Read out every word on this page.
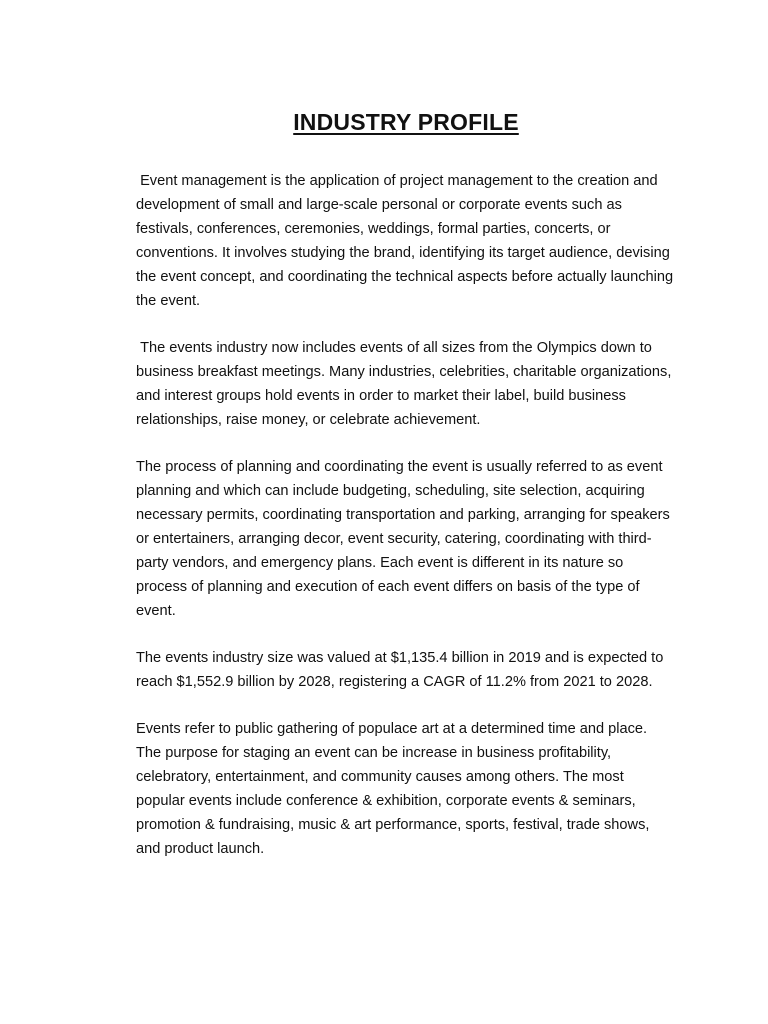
INDUSTRY PROFILE

Event management is the application of project management to the creation and development of small and large-scale personal or corporate events such as festivals, conferences, ceremonies, weddings, formal parties, concerts, or conventions. It involves studying the brand, identifying its target audience, devising the event concept, and coordinating the technical aspects before actually launching the event.

The events industry now includes events of all sizes from the Olympics down to business breakfast meetings. Many industries, celebrities, charitable organizations, and interest groups hold events in order to market their label, build business relationships, raise money, or celebrate achievement.

The process of planning and coordinating the event is usually referred to as event planning and which can include budgeting, scheduling, site selection, acquiring necessary permits, coordinating transportation and parking, arranging for speakers or entertainers, arranging decor, event security, catering, coordinating with third-party vendors, and emergency plans. Each event is different in its nature so process of planning and execution of each event differs on basis of the type of event.

The events industry size was valued at $1,135.4 billion in 2019 and is expected to reach $1,552.9 billion by 2028, registering a CAGR of 11.2% from 2021 to 2028.

Events refer to public gathering of populace art at a determined time and place. The purpose for staging an event can be increase in business profitability, celebratory, entertainment, and community causes among others. The most popular events include conference & exhibition, corporate events & seminars, promotion & fundraising, music & art performance, sports, festival, trade shows, and product launch.
